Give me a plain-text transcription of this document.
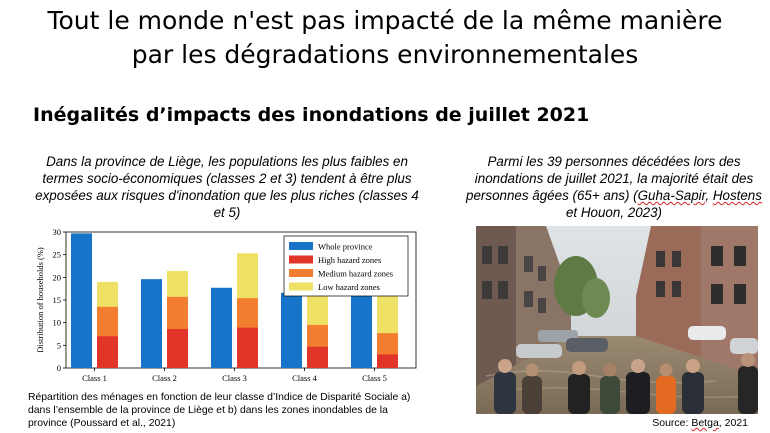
Tout le monde n'est pas impacté de la même manière
par les dégradations environnementales
Inégalités d’impacts des inondations de juillet 2021
Dans la province de Liège, les populations les plus faibles en termes socio-économiques (classes 2 et 3) tendent à être plus exposées aux risques d'inondation que les plus riches (classes 4 et 5)
Parmi les 39 personnes décédées lors des inondations de juillet 2021, la majorité était des personnes âgées (65+ ans) (Guha-Sapir, Hostens et Houon, 2023)
0
5
10
15
20
25
30
Distribution of households (%)
Class 1	Class 2	Class 3	Class 4	Class 5
Whole province
High hazard zones
Medium hazard zones
Low hazard zones
Répartition des ménages en fonction de leur classe d’Indice de Disparité Sociale a) dans l’ensemble de la province de Liège et b) dans les zones inondables de la province (Poussard et al., 2021)	Source: Betga, 2021
